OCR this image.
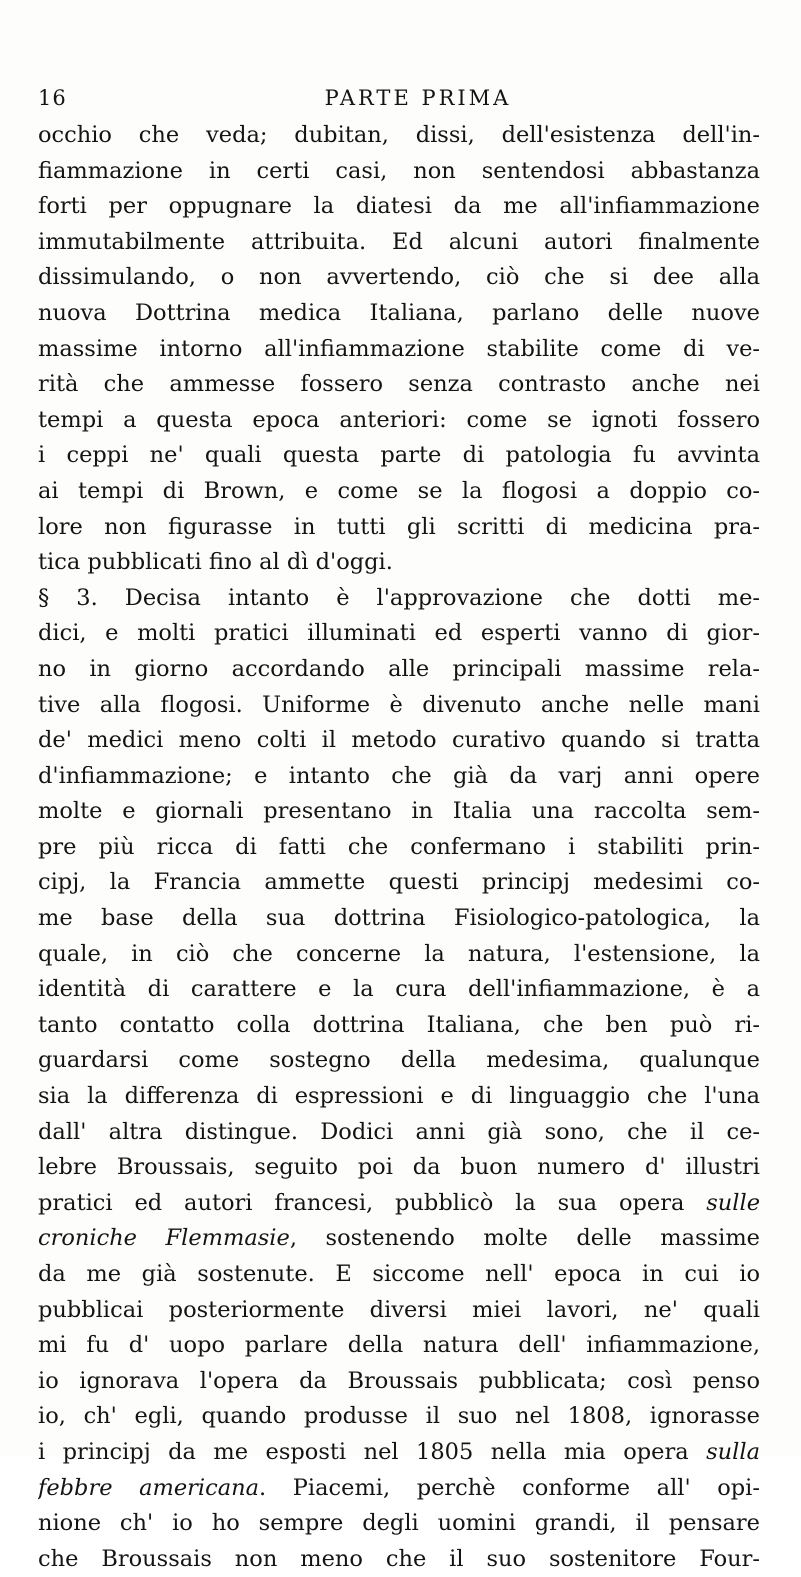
16	PARTE PRIMA
occhio che veda; dubitan, dissi, dell'esistenza dell'in-
fiammazione in certi casi, non sentendosi abbastanza
forti per oppugnare la diatesi da me all'infiammazione
immutabilmente attribuita. Ed alcuni autori finalmente
dissimulando, o non avvertendo, ciò che si dee alla
nuova Dottrina medica Italiana, parlano delle nuove
massime intorno all'infiammazione stabilite come di ve-
rità che ammesse fossero senza contrasto anche nei
tempi a questa epoca anteriori: come se ignoti fossero
i ceppi ne' quali questa parte di patologia fu avvinta
ai tempi di Brown, e come se la flogosi a doppio co-
lore non figurasse in tutti gli scritti di medicina pra-
tica pubblicati fino al dì d'oggi.
§ 3. Decisa intanto è l'approvazione che dotti me-
dici, e molti pratici illuminati ed esperti vanno di gior-
no in giorno accordando alle principali massime rela-
tive alla flogosi. Uniforme è divenuto anche nelle mani
de' medici meno colti il metodo curativo quando si tratta
d'infiammazione; e intanto che già da varj anni opere
molte e giornali presentano in Italia una raccolta sem-
pre più ricca di fatti che confermano i stabiliti prin-
cipj, la Francia ammette questi principj medesimi co-
me base della sua dottrina Fisiologico-patologica, la
quale, in ciò che concerne la natura, l'estensione, la
identità di carattere e la cura dell'infiammazione, è a
tanto contatto colla dottrina Italiana, che ben può ri-
guardarsi come sostegno della medesima, qualunque
sia la differenza di espressioni e di linguaggio che l'una
dall' altra distingue. Dodici anni già sono, che il ce-
lebre Broussais, seguito poi da buon numero d' illustri
pratici ed autori francesi, pubblicò la sua opera sulle
croniche Flemmasie, sostenendo molte delle massime
da me già sostenute. E siccome nell' epoca in cui io
pubblicai posteriormente diversi miei lavori, ne' quali
mi fu d' uopo parlare della natura dell' infiammazione,
io ignorava l'opera da Broussais pubblicata; così penso
io, ch' egli, quando produsse il suo nel 1808, ignorasse
i principj da me esposti nel 1805 nella mia opera sulla
febbre americana. Piacemi, perchè conforme all' opi-
nione ch' io ho sempre degli uomini grandi, il pensare
che Broussais non meno che il suo sostenitore Four-
